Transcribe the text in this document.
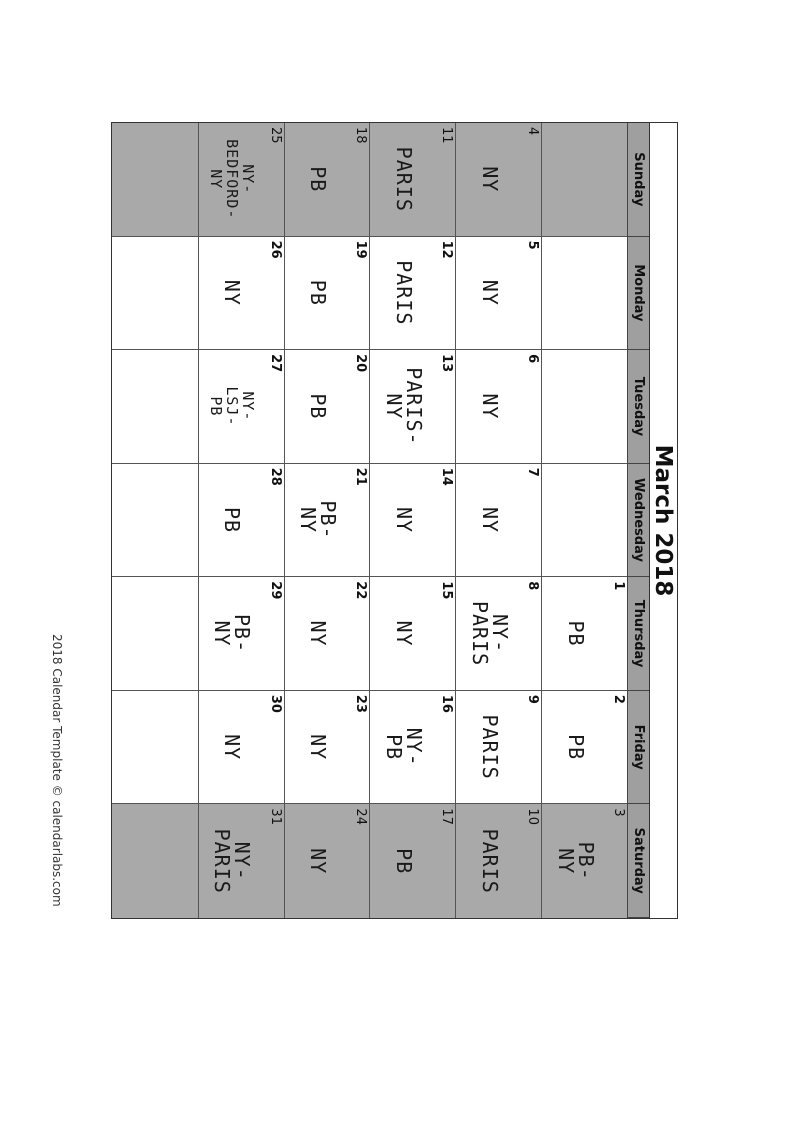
March 2018
Sunday
Monday
Tuesday
Wednesday
Thursday
Friday
Saturday
1
PB
2
PB
3
PB-
NY
4
NY
5
NY
6
NY
7
NY
8
NY-
PARIS
9
PARIS
10
PARIS
11
PARIS
12
PARIS
13
PARIS-
NY
14
NY
15
NY
16
NY-
PB
17
PB
18
PB
19
PB
20
PB
21
PB-
NY
22
NY
23
NY
24
NY
25
NY-
BEDFORD-
NY
26
NY
27
NY-
LSJ-
PB
28
PB
29
PB-
NY
30
NY
31
NY-
PARIS
2018 Calendar Template © calendarlabs.com
